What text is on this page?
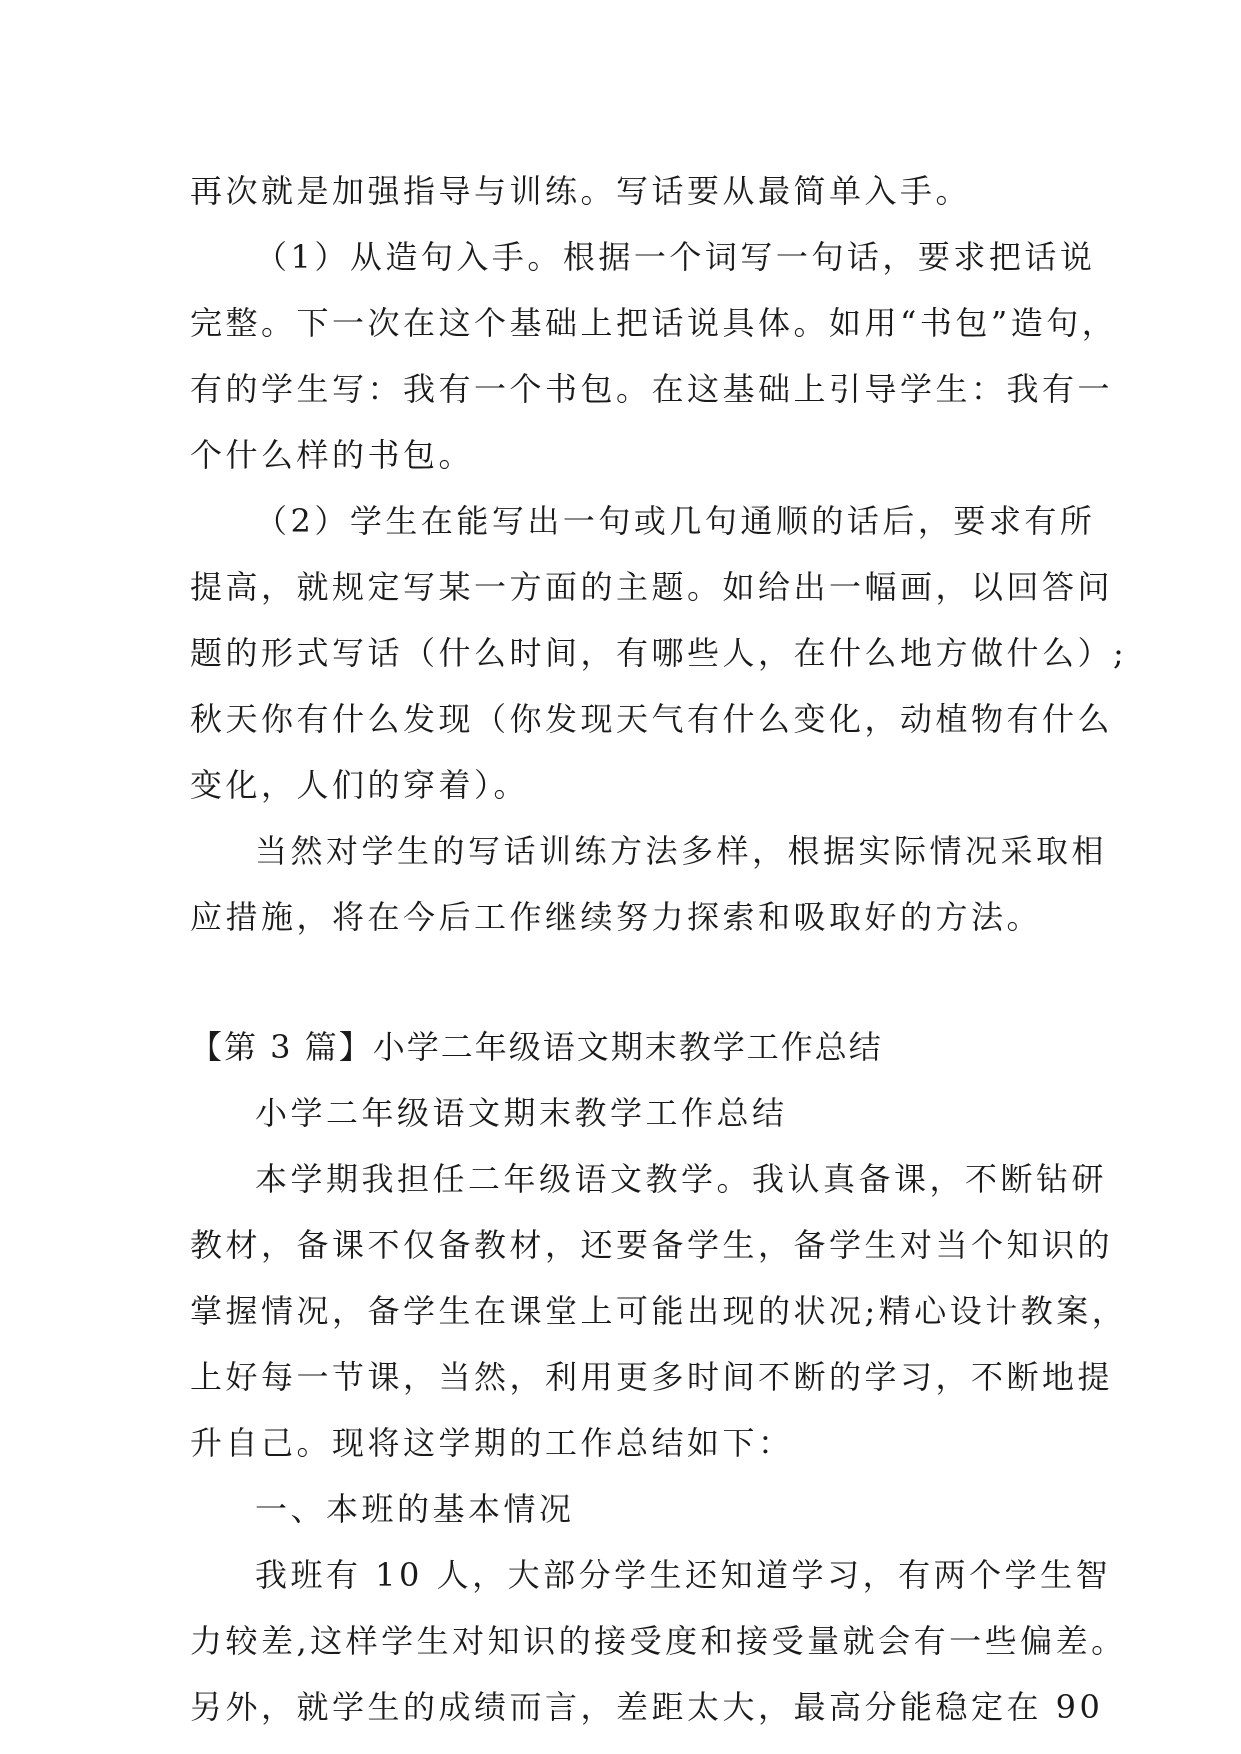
再次就是加强指导与训练。写话要从最简单入手。
（1）从造句入手。根据一个词写一句话，要求把话说
完整。下一次在这个基础上把话说具体。如用“书包”造句，
有的学生写：我有一个书包。在这基础上引导学生：我有一
个什么样的书包。
（2）学生在能写出一句或几句通顺的话后，要求有所
提高，就规定写某一方面的主题。如给出一幅画，以回答问
题的形式写话（什么时间，有哪些人，在什么地方做什么）;
秋天你有什么发现（你发现天气有什么变化，动植物有什么
变化，人们的穿着）。
当然对学生的写话训练方法多样，根据实际情况采取相
应措施，将在今后工作继续努力探索和吸取好的方法。
【第 3 篇】小学二年级语文期末教学工作总结
小学二年级语文期末教学工作总结
本学期我担任二年级语文教学。我认真备课，不断钻研
教材，备课不仅备教材，还要备学生，备学生对当个知识的
掌握情况，备学生在课堂上可能出现的状况;精心设计教案，
上好每一节课，当然，利用更多时间不断的学习，不断地提
升自己。现将这学期的工作总结如下：
一、本班的基本情况
我班有 10 人，大部分学生还知道学习，有两个学生智
力较差,这样学生对知识的接受度和接受量就会有一些偏差。
另外，就学生的成绩而言，差距太大，最高分能稳定在 90
